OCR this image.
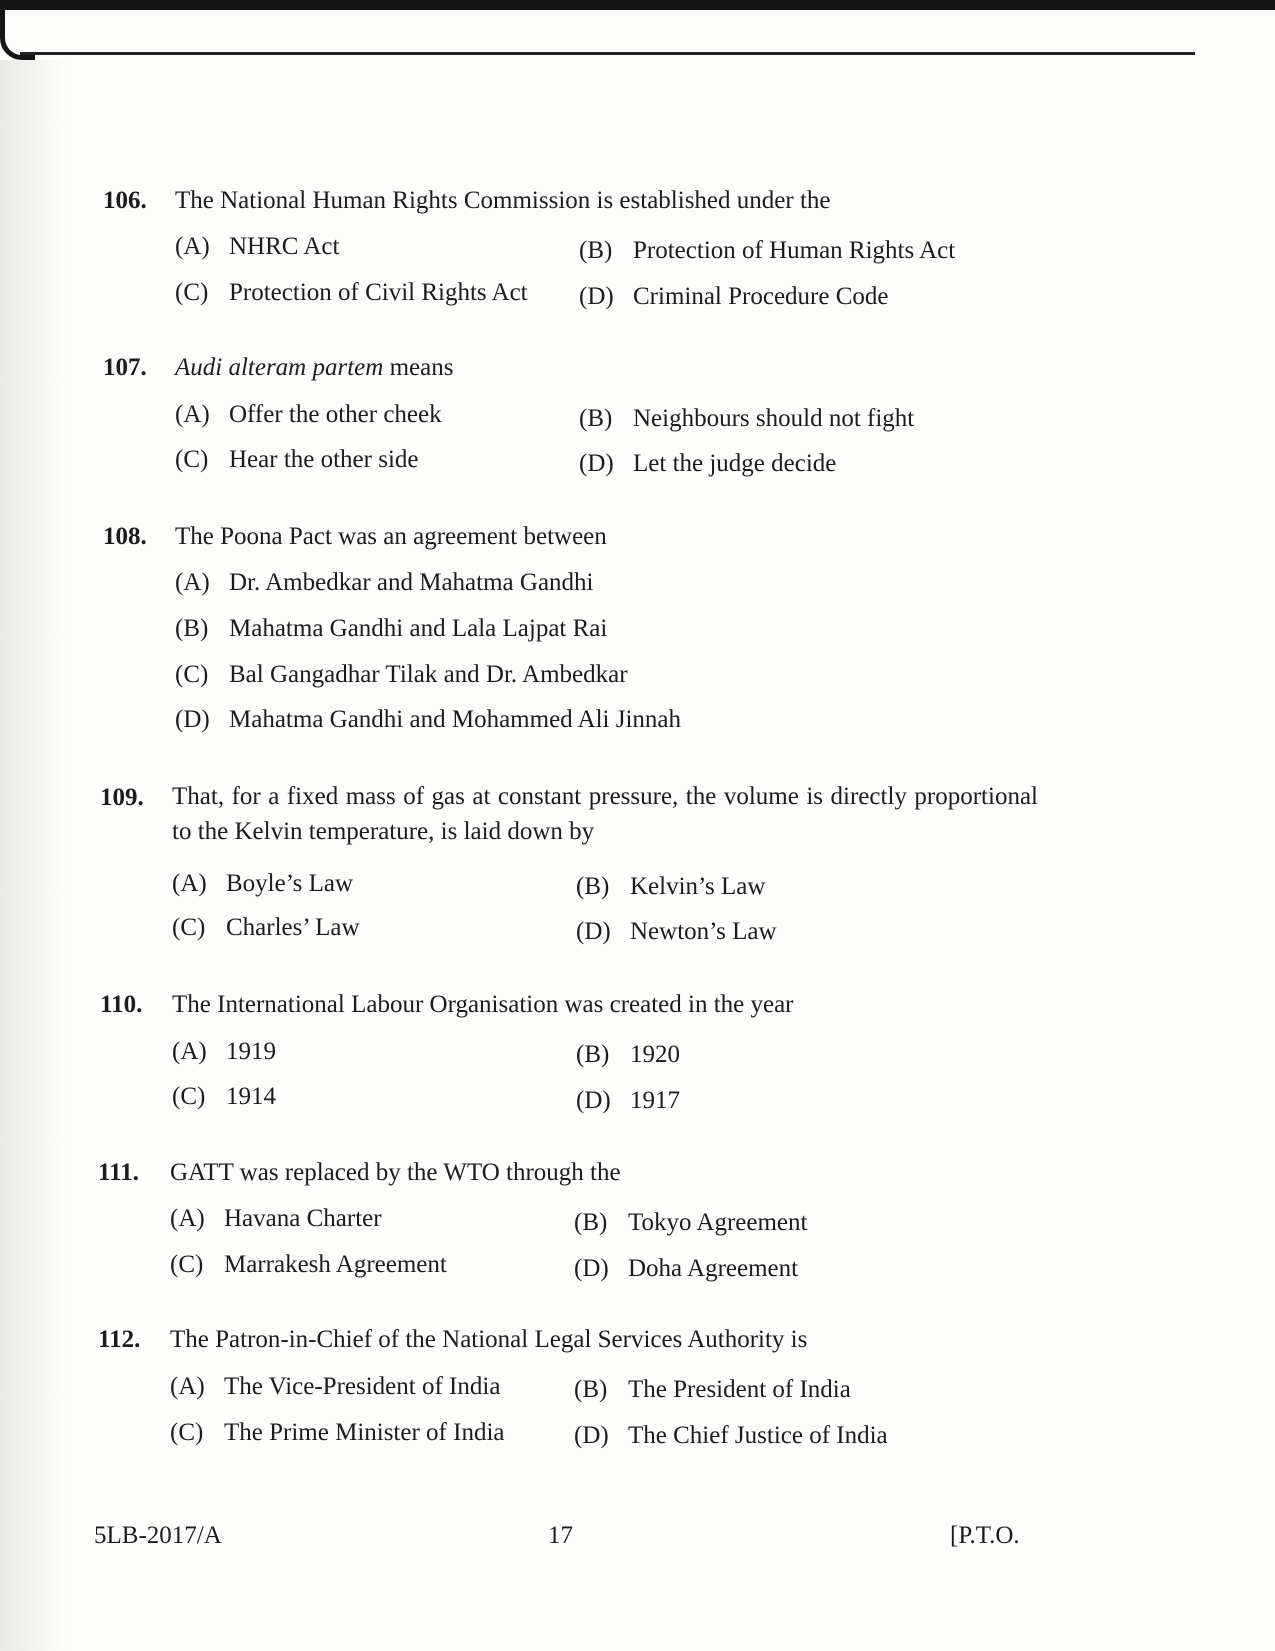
106. The National Human Rights Commission is established under the
(A) NHRC Act	(B) Protection of Human Rights Act
(C) Protection of Civil Rights Act (D) Criminal Procedure Code
107. Audi alteram partem means
(A) Offer the other cheek	(B) Neighbours should not fight
(C) Hear the other side	(D) Let the judge decide
108. The Poona Pact was an agreement between
(A) Dr. Ambedkar and Mahatma Gandhi
(B) Mahatma Gandhi and Lala Lajpat Rai
(C) Bal Gangadhar Tilak and Dr. Ambedkar
(D) Mahatma Gandhi and Mohammed Ali Jinnah
109. That, for a fixed mass of gas at constant pressure, the volume is directly proportional to the Kelvin temperature, is laid down by
(A) Boyle’s Law	(B) Kelvin’s Law
(C) Charles’ Law	(D) Newton’s Law
110. The International Labour Organisation was created in the year
(A) 1919	(B) 1920
(C) 1914	(D) 1917
111. GATT was replaced by the WTO through the
(A) Havana Charter	(B) Tokyo Agreement
(C) Marrakesh Agreement	(D) Doha Agreement
112. The Patron-in-Chief of the National Legal Services Authority is
(A) The Vice-President of India	(B) The President of India
(C) The Prime Minister of India	(D) The Chief Justice of India
5LB-2017/A	17	[P.T.O.
